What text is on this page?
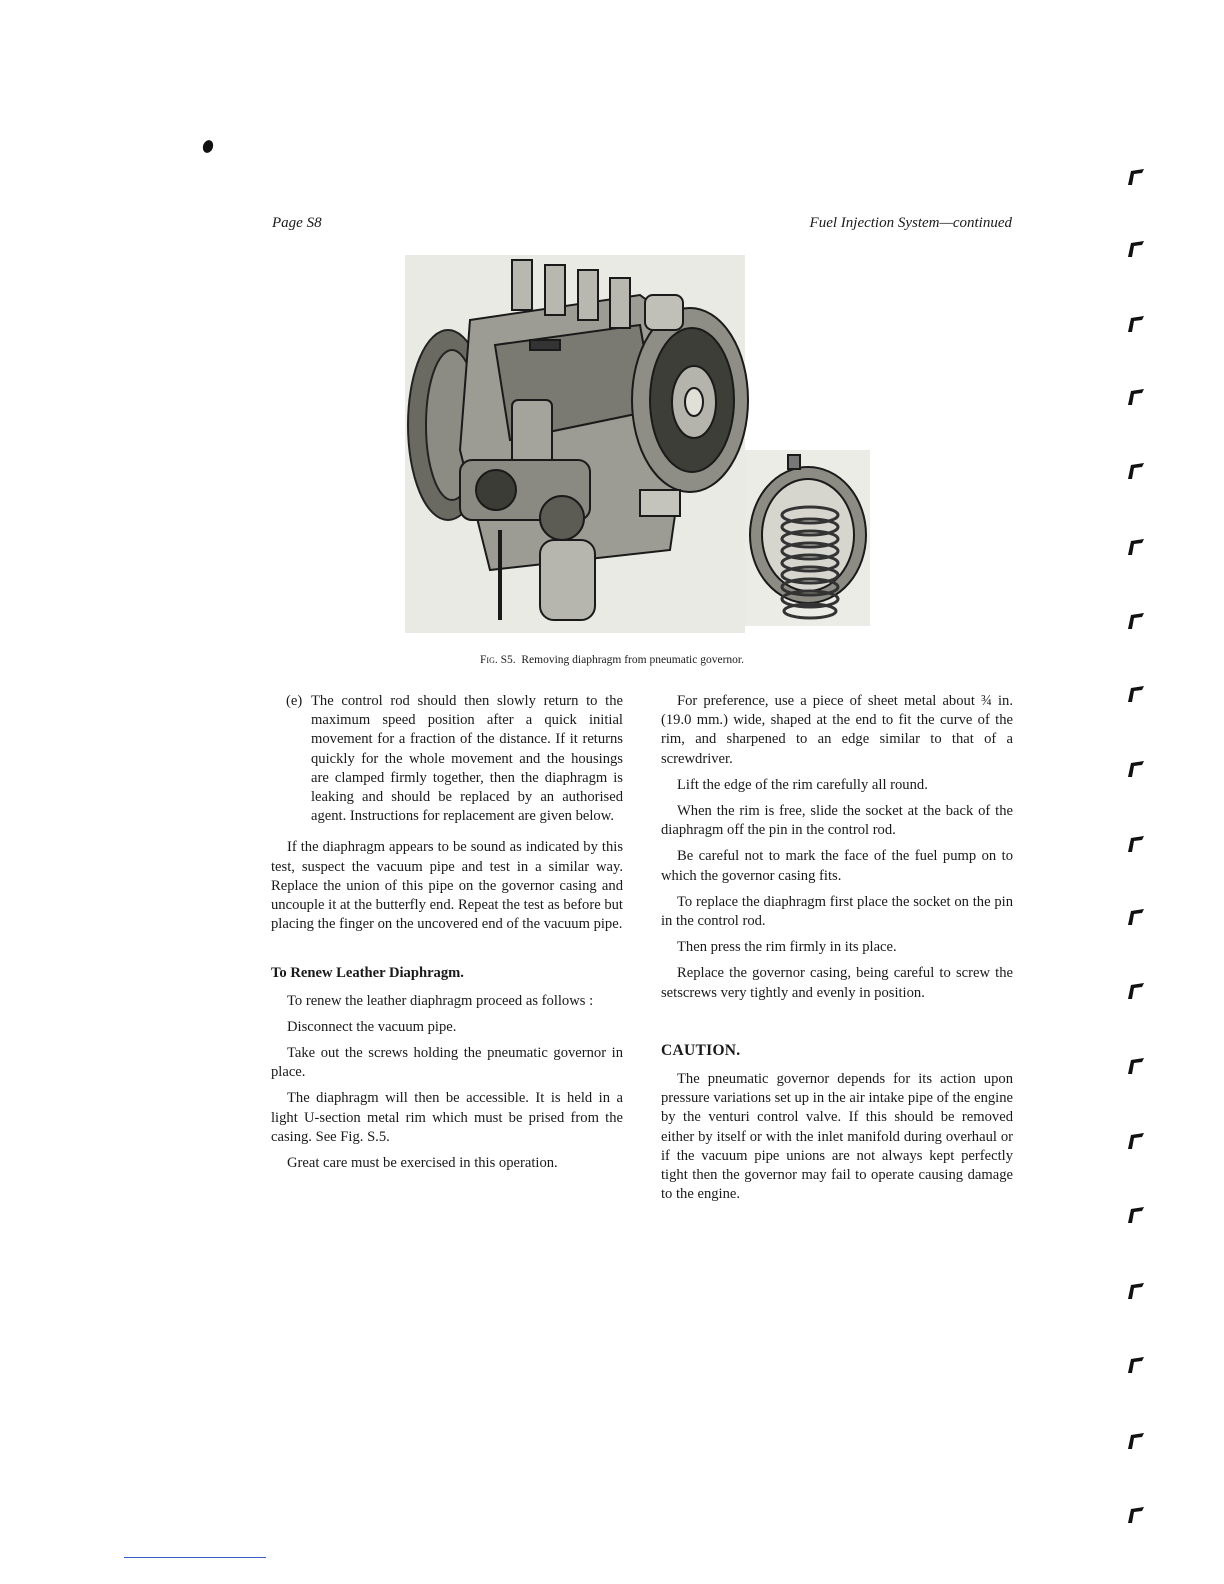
Page S8	Fuel Injection System—continued
Fig. S5. Removing diaphragm from pneumatic governor.
(e) The control rod should then slowly return to the maximum speed position after a quick initial movement for a fraction of the distance. If it returns quickly for the whole movement and the housings are clamped firmly together, then the diaphragm is leaking and should be replaced by an authorised agent. Instructions for replacement are given below.

If the diaphragm appears to be sound as indicated by this test, suspect the vacuum pipe and test in a similar way. Replace the union of this pipe on the governor casing and uncouple it at the butterfly end. Repeat the test as before but placing the finger on the uncovered end of the vacuum pipe.

To Renew Leather Diaphragm.

To renew the leather diaphragm proceed as follows :

Disconnect the vacuum pipe.

Take out the screws holding the pneumatic governor in place.

The diaphragm will then be accessible. It is held in a light U-section metal rim which must be prised from the casing. See Fig. S.5.

Great care must be exercised in this operation.

For preference, use a piece of sheet metal about ¾ in. (19.0 mm.) wide, shaped at the end to fit the curve of the rim, and sharpened to an edge similar to that of a screwdriver.

Lift the edge of the rim carefully all round.

When the rim is free, slide the socket at the back of the diaphragm off the pin in the control rod.

Be careful not to mark the face of the fuel pump on to which the governor casing fits.

To replace the diaphragm first place the socket on the pin in the control rod.

Then press the rim firmly in its place.

Replace the governor casing, being careful to screw the setscrews very tightly and evenly in position.

CAUTION.

The pneumatic governor depends for its action upon pressure variations set up in the air intake pipe of the engine by the venturi control valve. If this should be removed either by itself or with the inlet manifold during overhaul or if the vacuum pipe unions are not always kept perfectly tight then the governor may fail to operate causing damage to the engine.
